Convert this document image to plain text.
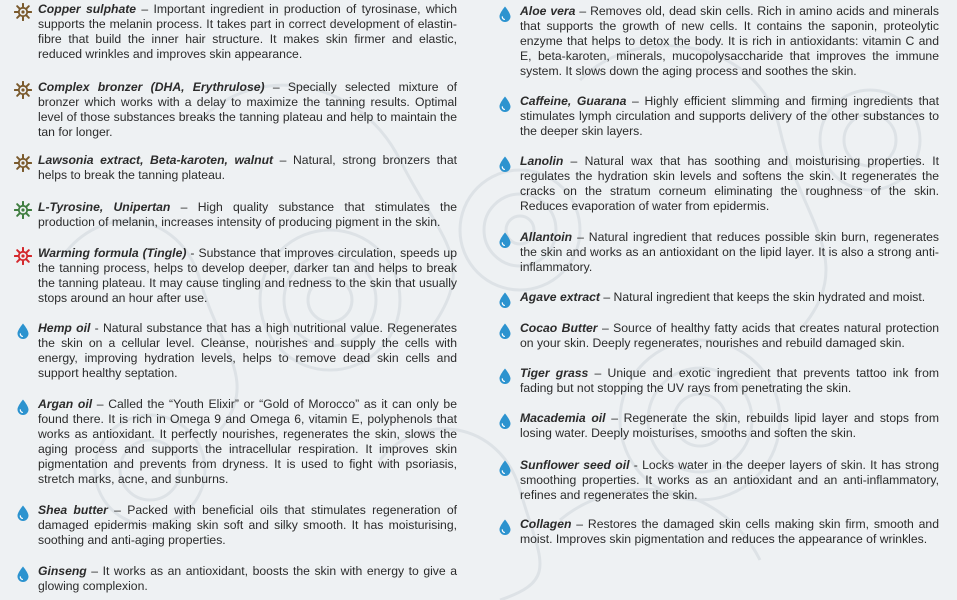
Copper sulphate – Important ingredient in production of tyrosinase, which supports the melanin process. It takes part in correct development of elastin-fibre that build the inner hair structure. It makes skin firmer and elastic, reduced wrinkles and improves skin appearance.
Complex bronzer (DHA, Erythrulose) – Specially selected mixture of bronzer which works with a delay to maximize the tanning results. Optimal level of those substances breaks the tanning plateau and help to maintain the tan for longer.
Lawsonia extract, Beta-karoten, walnut – Natural, strong bronzers that helps to break the tanning plateau.
L-Tyrosine, Unipertan – High quality substance that stimulates the production of melanin, increases intensity of producing pigment in the skin.
Warming formula (Tingle) - Substance that improves circulation, speeds up the tanning process, helps to develop deeper, darker tan and helps to break the tanning plateau. It may cause tingling and redness to the skin that usually stops around an hour after use.
Hemp oil - Natural substance that has a high nutritional value. Regenerates the skin on a cellular level. Cleanse, nourishes and supply the cells with energy, improving hydration levels, helps to remove dead skin cells and support healthy septation.
Argan oil – Called the “Youth Elixir” or “Gold of Morocco” as it can only be found there. It is rich in Omega 9 and Omega 6, vitamin E, polyphenols that works as antioxidant. It perfectly nourishes, regenerates the skin, slows the aging process and supports the intracellular respiration. It improves skin pigmentation and prevents from dryness. It is used to fight with psoriasis, stretch marks, acne, and sunburns.
Shea butter – Packed with beneficial oils that stimulates regeneration of damaged epidermis making skin soft and silky smooth. It has moisturising, soothing and anti-aging properties.
Ginseng – It works as an antioxidant, boosts the skin with energy to give a glowing complexion.
Aloe vera – Removes old, dead skin cells. Rich in amino acids and minerals that supports the growth of new cells. It contains the saponin, proteolytic enzyme that helps to detox the body. It is rich in antioxidants: vitamin C and E, beta-karoten, minerals, mucopolysaccharide that improves the immune system. It slows down the aging process and soothes the skin.
Caffeine, Guarana – Highly efficient slimming and firming ingredients that stimulates lymph circulation and supports delivery of the other substances to the deeper skin layers.
Lanolin – Natural wax that has soothing and moisturising properties. It regulates the hydration skin levels and softens the skin. It regenerates the cracks on the stratum corneum eliminating the roughness of the skin. Reduces evaporation of water from epidermis.
Allantoin – Natural ingredient that reduces possible skin burn, regenerates the skin and works as an antioxidant on the lipid layer. It is also a strong anti-inflammatory.
Agave extract – Natural ingredient that keeps the skin hydrated and moist.
Cocao Butter – Source of healthy fatty acids that creates natural protection on your skin. Deeply regenerates, nourishes and rebuild damaged skin.
Tiger grass – Unique and exotic ingredient that prevents tattoo ink from fading but not stopping the UV rays from penetrating the skin.
Macademia oil – Regenerate the skin, rebuilds lipid layer and stops from losing water. Deeply moisturises, smooths and soften the skin.
Sunflower seed oil - Locks water in the deeper layers of skin. It has strong smoothing properties. It works as an antioxidant and an anti-inflammatory, refines and regenerates the skin.
Collagen – Restores the damaged skin cells making skin firm, smooth and moist. Improves skin pigmentation and reduces the appearance of wrinkles.
